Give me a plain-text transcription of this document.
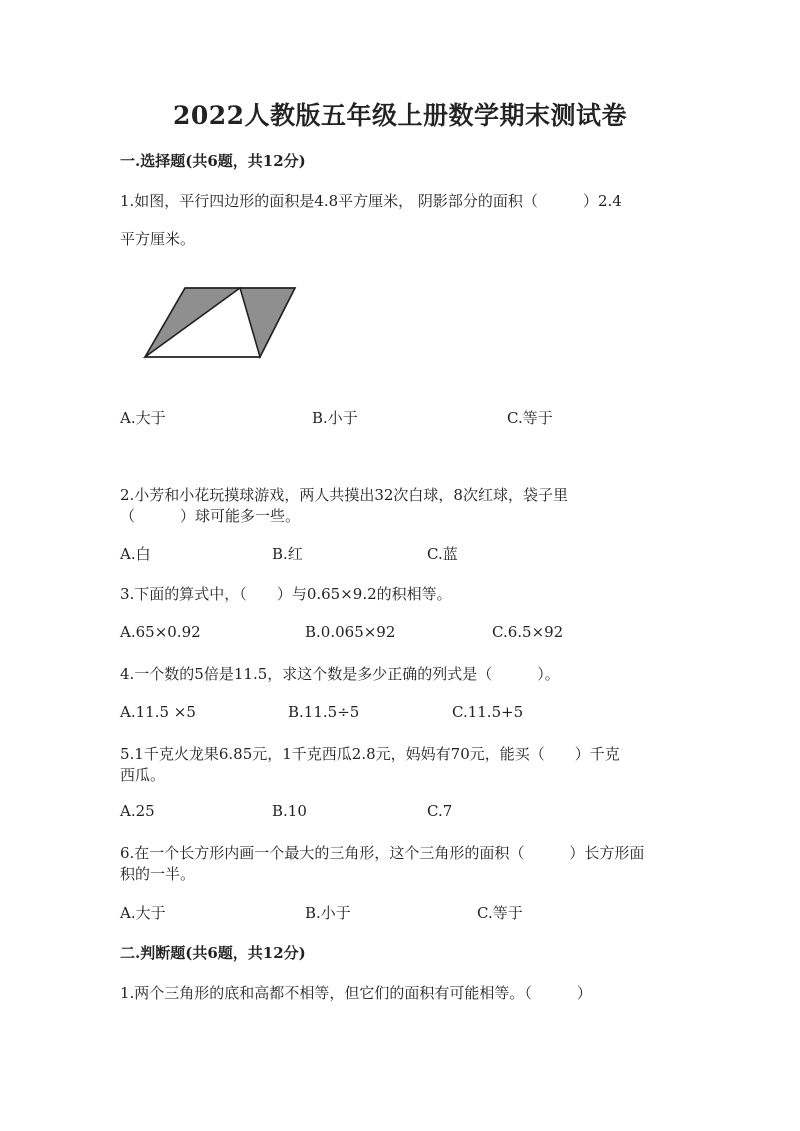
2022人教版五年级上册数学期末测试卷
一.选择题(共6题，共12分)
1.如图，平行四边形的面积是4.8平方厘米， 阴影部分的面积（　　　）2.4
平方厘米。
A.大于	B.小于	C.等于
2.小芳和小花玩摸球游戏，两人共摸出32次白球，8次红球，袋子里
（　　　）球可能多一些。
A.白	B.红	C.蓝
3.下面的算式中，（　　）与0.65×9.2的积相等。
A.65×0.92	B.0.065×92	C.6.5×92
4.一个数的5倍是11.5，求这个数是多少正确的列式是（　　　）。
A.11.5 ×5	B.11.5÷5	C.11.5+5
5.1千克火龙果6.85元，1千克西瓜2.8元，妈妈有70元，能买（　　）千克
西瓜。
A.25	B.10	C.7
6.在一个长方形内画一个最大的三角形，这个三角形的面积（　　　）长方形面
积的一半。
A.大于	B.小于	C.等于
二.判断题(共6题，共12分)
1.两个三角形的底和高都不相等，但它们的面积有可能相等。（　　　）
